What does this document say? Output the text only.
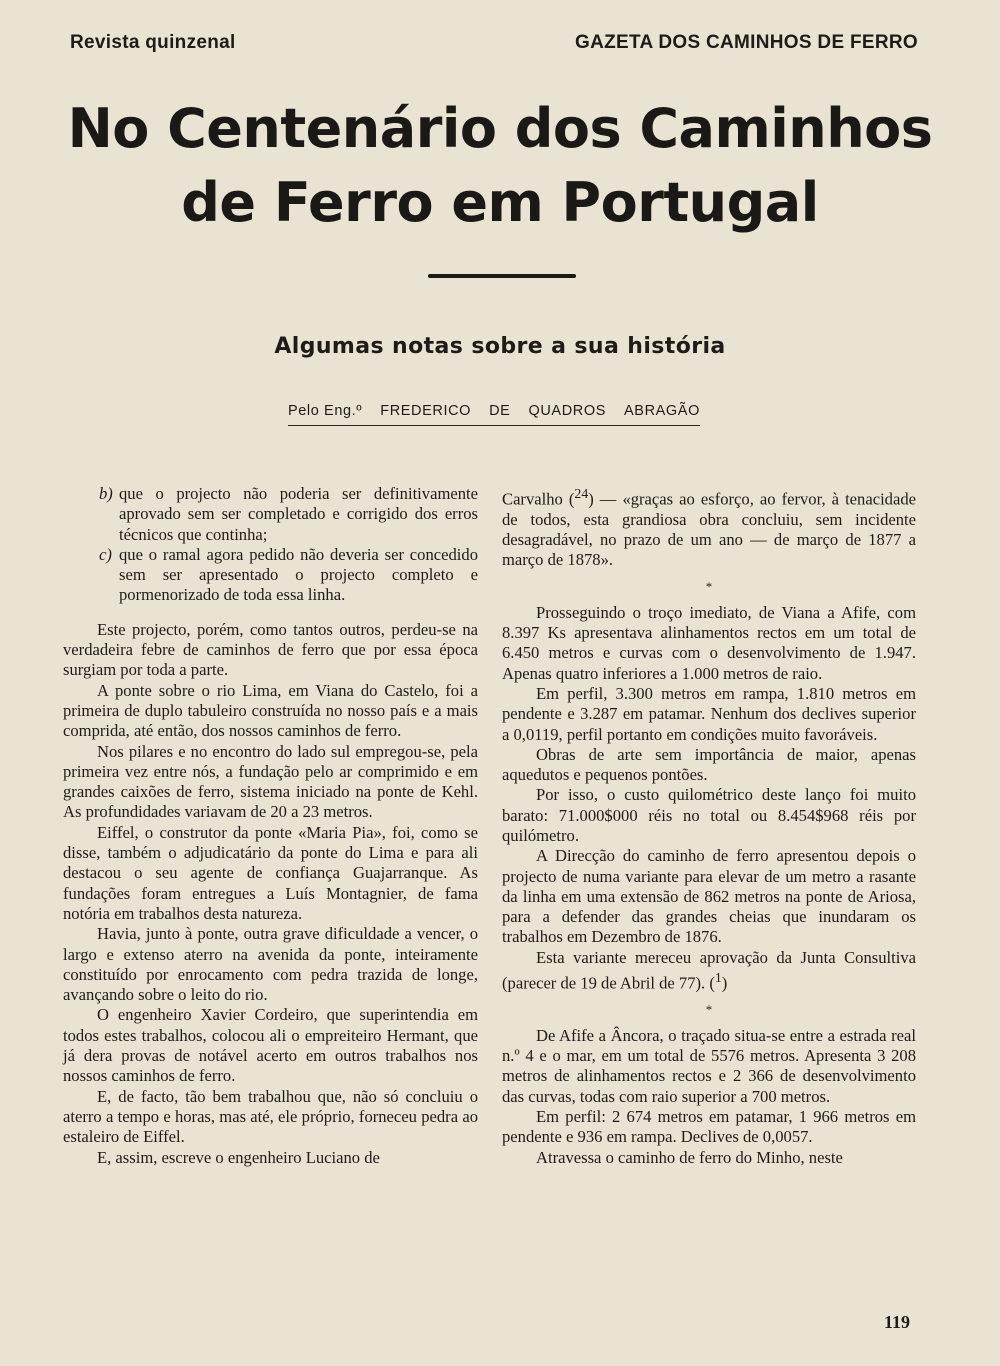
Revista quinzenal	GAZETA DOS CAMINHOS DE FERRO
No Centenário dos Caminhos
de Ferro em Portugal
Algumas notas sobre a sua história
Pelo Eng.º FREDERICO DE QUADROS ABRAGÃO

b) que o projecto não poderia ser definitivamente aprovado sem ser completado e corrigido dos erros técnicos que continha;

c) que o ramal agora pedido não deveria ser concedido sem ser apresentado o projecto completo e pormenorizado de toda essa linha.

Este projecto, porém, como tantos outros, perdeu-se na verdadeira febre de caminhos de ferro que por essa época surgiam por toda a parte.

A ponte sobre o rio Lima, em Viana do Castelo, foi a primeira de duplo tabuleiro construída no nosso país e a mais comprida, até então, dos nossos caminhos de ferro.

Nos pilares e no encontro do lado sul empregou-se, pela primeira vez entre nós, a fundação pelo ar comprimido e em grandes caixões de ferro, sistema iniciado na ponte de Kehl. As profundidades variavam de 20 a 23 metros.

Eiffel, o construtor da ponte «Maria Pia», foi, como se disse, também o adjudicatário da ponte do Lima e para ali destacou o seu agente de confiança Guajarranque. As fundações foram entregues a Luís Montagnier, de fama notória em trabalhos desta natureza.

Havia, junto à ponte, outra grave dificuldade a vencer, o largo e extenso aterro na avenida da ponte, inteiramente constituído por enrocamento com pedra trazida de longe, avançando sobre o leito do rio.

O engenheiro Xavier Cordeiro, que superintendia em todos estes trabalhos, colocou ali o empreiteiro Hermant, que já dera provas de notável acerto em outros trabalhos nos nossos caminhos de ferro.

E, de facto, tão bem trabalhou que, não só concluiu o aterro a tempo e horas, mas até, ele próprio, forneceu pedra ao estaleiro de Eiffel.

E, assim, escreve o engenheiro Luciano de

Carvalho ($^{24}$) — «graças ao esforço, ao fervor, à tenacidade de todos, esta grandiosa obra concluiu, sem incidente desagradável, no prazo de um ano — de março de 1877 a março de 1878».

*

Prosseguindo o troço imediato, de Viana a Afife, com 8.397 Ks apresentava alinhamentos rectos em um total de 6.450 metros e curvas com o desenvolvimento de 1.947. Apenas quatro inferiores a 1.000 metros de raio.

Em perfil, 3.300 metros em rampa, 1.810 metros em pendente e 3.287 em patamar. Nenhum dos declives superior a 0,0119, perfil portanto em condições muito favoráveis.

Obras de arte sem importância de maior, apenas aquedutos e pequenos pontões.

Por isso, o custo quilométrico deste lanço foi muito barato: 71.000$000 réis no total ou 8.454$968 réis por quilómetro.

A Direcção do caminho de ferro apresentou depois o projecto de numa variante para elevar de um metro a rasante da linha em uma extensão de 862 metros na ponte de Ariosa, para a defender das grandes cheias que inundaram os trabalhos em Dezembro de 1876.

Esta variante mereceu aprovação da Junta Consultiva (parecer de 19 de Abril de 77). ($^1$)

*

De Afife a Âncora, o traçado situa-se entre a estrada real n.º 4 e o mar, em um total de 5576 metros. Apresenta 3 208 metros de alinhamentos rectos e 2 366 de desenvolvimento das curvas, todas com raio superior a 700 metros.

Em perfil: 2 674 metros em patamar, 1 966 metros em pendente e 936 em rampa. Declives de 0,0057.

Atravessa o caminho de ferro do Minho, neste

119
